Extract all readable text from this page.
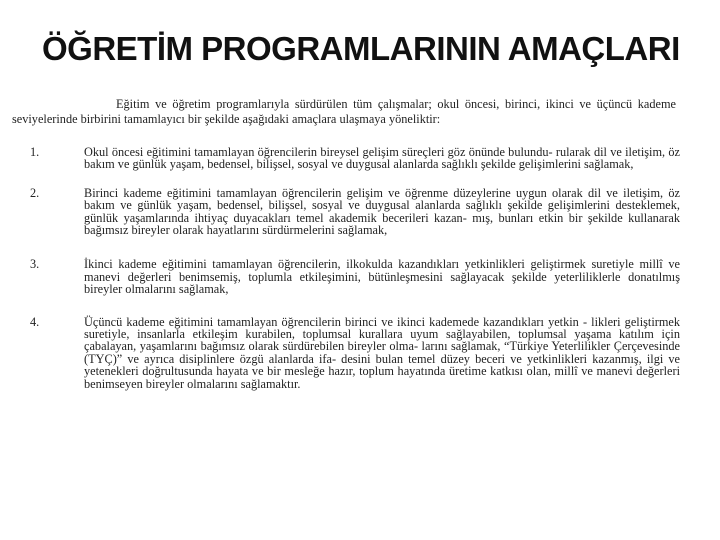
ÖĞRETİM PROGRAMLARININ AMAÇLARI

Eğitim ve öğretim programlarıyla sürdürülen tüm çalışmalar; okul öncesi, birinci, ikinci ve üçüncü kademe seviyelerinde birbirini tamamlayıcı bir şekilde aşağıdaki amaçlara ulaşmaya yöneliktir:

1.	Okul öncesi eğitimini tamamlayan öğrencilerin bireysel gelişim süreçleri göz önünde bulundu- rularak dil ve iletişim, öz bakım ve günlük yaşam, bedensel, bilişsel, sosyal ve duygusal alanlarda sağlıklı şekilde gelişimlerini sağlamak,
2.	Birinci kademe eğitimini tamamlayan öğrencilerin gelişim ve öğrenme düzeylerine uygun olarak dil ve iletişim, öz bakım ve günlük yaşam, bedensel, bilişsel, sosyal ve duygusal alanlarda sağlıklı şekilde gelişimlerini desteklemek, günlük yaşamlarında ihtiyaç duyacakları temel akademik becerileri kazan- mış, bunları etkin bir şekilde kullanarak bağımsız bireyler olarak hayatlarını sürdürmelerini sağlamak,
3.	İkinci kademe eğitimini tamamlayan öğrencilerin, ilkokulda kazandıkları yetkinlikleri geliştirmek suretiyle millî ve manevi değerleri benimsemiş, toplumla etkileşimini, bütünleşmesini sağlayacak şekilde yeterliliklerle donatılmış bireyler olmalarını sağlamak,
4.	Üçüncü kademe eğitimini tamamlayan öğrencilerin birinci ve ikinci kademede kazandıkları yetkin - likleri geliştirmek suretiyle, insanlarla etkileşim kurabilen, toplumsal kurallara uyum sağlayabilen, toplumsal yaşama katılım için çabalayan, yaşamlarını bağımsız olarak sürdürebilen bireyler olma- larını sağlamak, “Türkiye Yeterlilikler Çerçevesinde (TYÇ)” ve ayrıca disiplinlere özgü alanlarda ifa- desini bulan temel düzey beceri ve yetkinlikleri kazanmış, ilgi ve yetenekleri doğrultusunda hayata ve bir mesleğe hazır, toplum hayatında üretime katkısı olan, millî ve manevi değerleri benimseyen bireyler olmalarını sağlamaktır.
